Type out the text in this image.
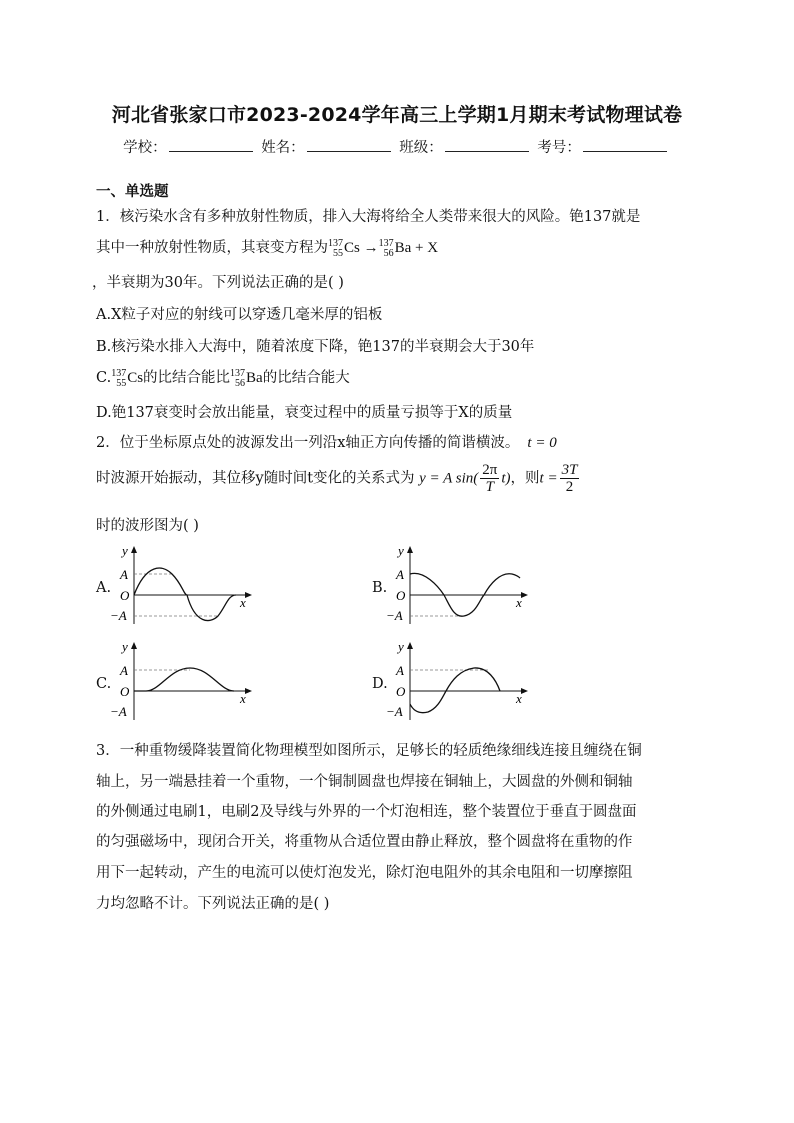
河北省张家口市2023-2024学年高三上学期1月期末考试物理试卷
学校：	姓名：	班级：	考号：
一、单选题
1．核污染水含有多种放射性物质，排入大海将给全人类带来很大的风险。铯137就是
其中一种放射性物质，其衰变方程为 137
55 Cs → 137
56 Ba + X
，半衰期为30年。下列说法正确的是( )
A.X粒子对应的射线可以穿透几毫米厚的铝板
B.核污染水排入大海中，随着浓度下降，铯137的半衰期会大于30年
C. 137
55 Cs的比结合能比 137
56 Ba的比结合能大
D.铯137衰变时会放出能量，衰变过程中的质量亏损等于X的质量
2．位于坐标原点处的波源发出一列沿x轴正方向传播的简谐横波。 t = 0
时波源开始振动，其位移y随时间t变化的关系式为 y = A $\sin( \frac{2\pi}{T} t)$，则$t = \frac{3T}{2}$
时的波形图为( )
A.
y
A
O
−A
x
B.
y
A
O
−A
x
C.
y
A
O
−A
x
D.
y
A
O
−A
x
3．一种重物缓降装置简化物理模型如图所示，足够长的轻质绝缘细线连接且缠绕在铜
轴上，另一端悬挂着一个重物，一个铜制圆盘也焊接在铜轴上，大圆盘的外侧和铜轴
的外侧通过电刷1，电刷2及导线与外界的一个灯泡相连，整个装置位于垂直于圆盘面
的匀强磁场中，现闭合开关，将重物从合适位置由静止释放，整个圆盘将在重物的作
用下一起转动，产生的电流可以使灯泡发光，除灯泡电阻外的其余电阻和一切摩擦阻
力均忽略不计。下列说法正确的是( )
